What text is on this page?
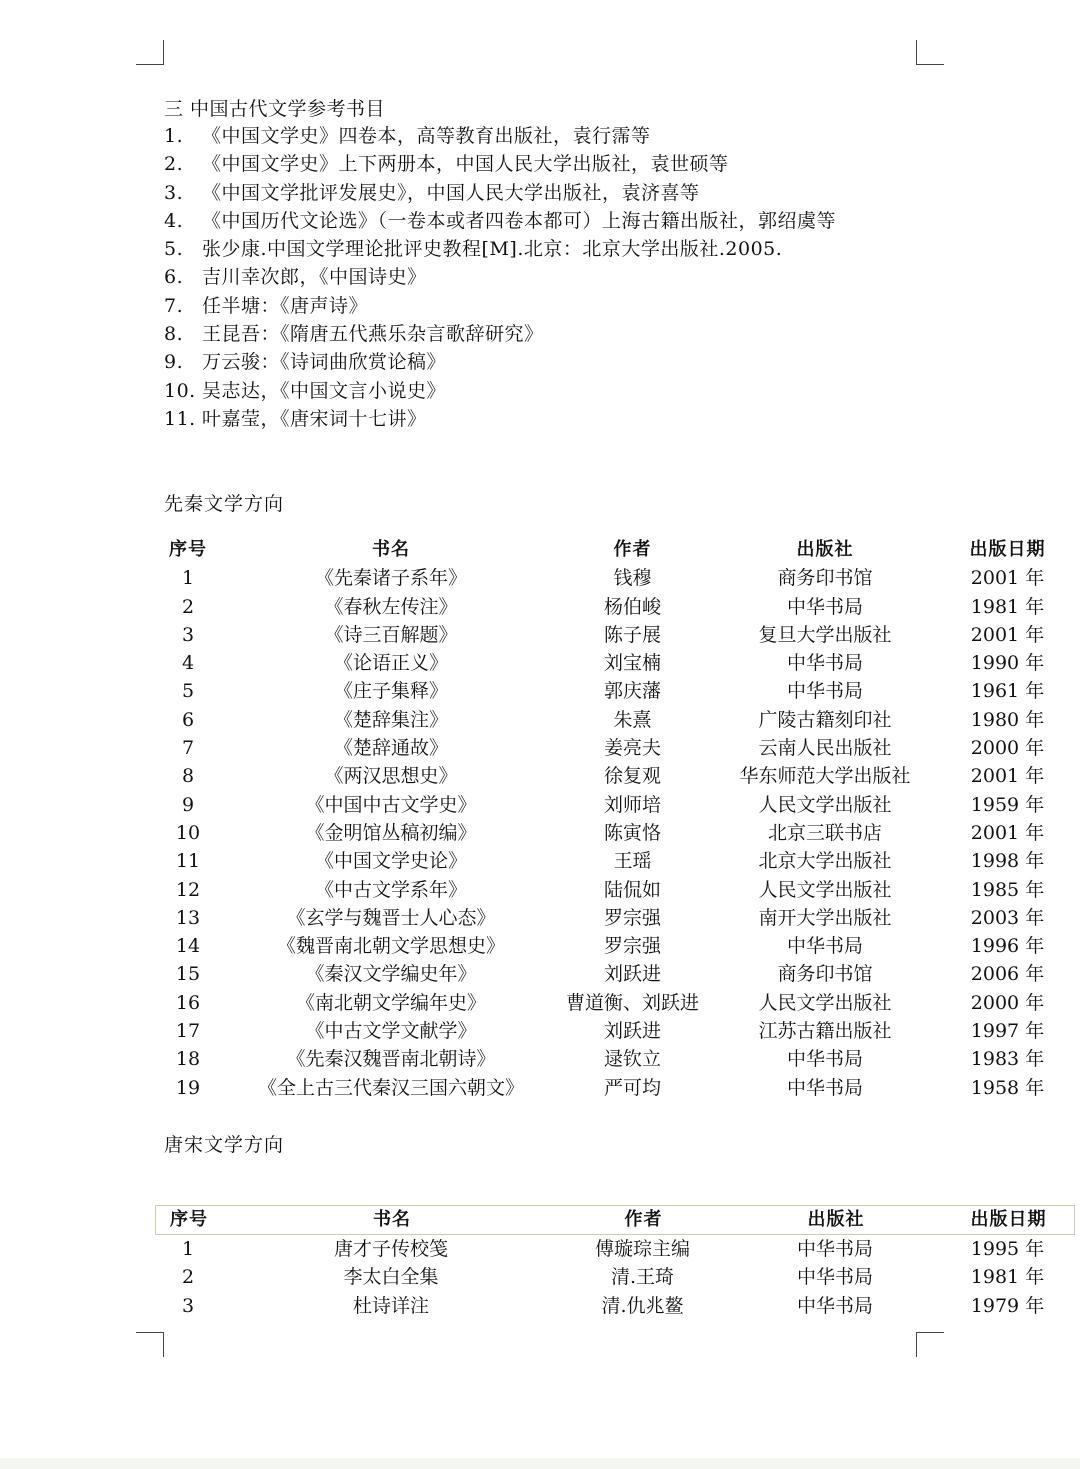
三 中国古代文学参考书目
1. 《中国文学史》四卷本，高等教育出版社，袁行霈等
2. 《中国文学史》上下两册本，中国人民大学出版社，袁世硕等
3. 《中国文学批评发展史》，中国人民大学出版社，袁济喜等
4. 《中国历代文论选》（一卷本或者四卷本都可）上海古籍出版社，郭绍虞等
5. 张少康.中国文学理论批评史教程[M].北京：北京大学出版社.2005.
6. 吉川幸次郎，《中国诗史》
7. 任半塘：《唐声诗》
8. 王昆吾：《隋唐五代燕乐杂言歌辞研究》
9. 万云骏：《诗词曲欣赏论稿》
10. 吴志达，《中国文言小说史》
11. 叶嘉莹，《唐宋词十七讲》
先秦文学方向
序号	书名	作者	出版社	出版日期
1	《先秦诸子系年》	钱穆	商务印书馆	2001 年
2	《春秋左传注》	杨伯峻	中华书局	1981 年
3	《诗三百解题》	陈子展	复旦大学出版社	2001 年
4	《论语正义》	刘宝楠	中华书局	1990 年
5	《庄子集释》	郭庆藩	中华书局	1961 年
6	《楚辞集注》	朱熹	广陵古籍刻印社	1980 年
7	《楚辞通故》	姜亮夫	云南人民出版社	2000 年
8	《两汉思想史》	徐复观	华东师范大学出版社	2001 年
9	《中国中古文学史》	刘师培	人民文学出版社	1959 年
10	《金明馆丛稿初编》	陈寅恪	北京三联书店	2001 年
11	《中国文学史论》	王瑶	北京大学出版社	1998 年
12	《中古文学系年》	陆侃如	人民文学出版社	1985 年
13	《玄学与魏晋士人心态》	罗宗强	南开大学出版社	2003 年
14	《魏晋南北朝文学思想史》	罗宗强	中华书局	1996 年
15	《秦汉文学编史年》	刘跃进	商务印书馆	2006 年
16	《南北朝文学编年史》	曹道衡、刘跃进	人民文学出版社	2000 年
17	《中古文学文献学》	刘跃进	江苏古籍出版社	1997 年
18	《先秦汉魏晋南北朝诗》	逯钦立	中华书局	1983 年
19	《全上古三代秦汉三国六朝文》	严可均	中华书局	1958 年
唐宋文学方向
序号	书名	作者	出版社	出版日期
1	唐才子传校笺	傅璇琮主编	中华书局	1995 年
2	李太白全集	清.王琦	中华书局	1981 年
3	杜诗详注	清.仇兆鳌	中华书局	1979 年
